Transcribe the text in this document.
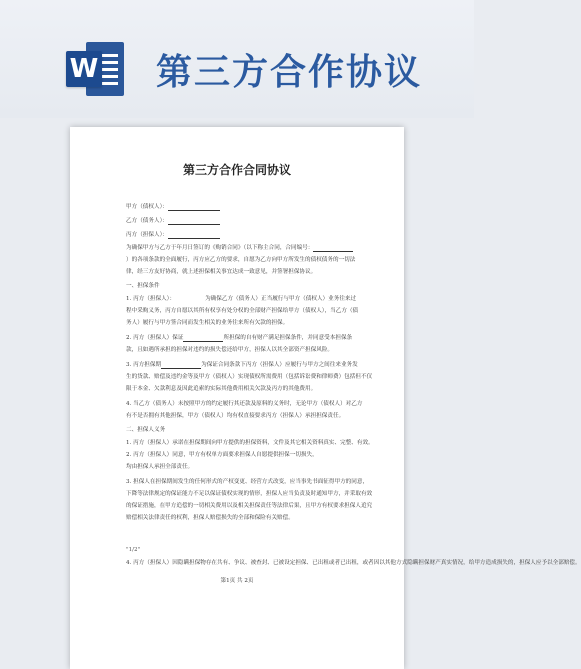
W 第三方合作协议
第三方合作合同协议
甲方（债权人）：
乙方（债务人）：
丙方（担保人）：
为确保甲方与乙方于年月日签订的《购销合同》（以下称主合同，合同编号：
）的各项条款的全面履行，丙方应乙方的要求，自愿为乙方向甲方所发生的债权债务的一切法
律，经三方友好协商，就上述担保相关事宜达成一致意见，并签署担保协议。
一、担保条件
1. 丙方（担保人）：	为确保乙方（债务人）正当履行与甲方（债权人）业务往来过
程中采购义务，丙方自愿以其所有权享有处分权的全部财产担保给甲方（债权人），当乙方（债
务人）履行与甲方签合同而发生相关的业务往来所有欠款的担保。
2. 丙方（担保人）保证	所担保的自有财产满足担保条件，并同意受本担保条
款，且如遇所承担的担保对违约的损失偿还给甲方，担保人以其全部资产担保风险。
3. 丙方担保期	为保证合同条款下丙方（担保人）应履行与甲方之间往来业务发
生的货款、赔偿及违约金等及甲方（债权人）实现债权所需费用（包括诉讼费和律师费）包括但不仅
限于本金、欠款利息及因此追索的实际其他费用相关欠款及丙方的其他费用。
4. 当乙方（债务人）未按照甲方的约定履行其还款及原料的义务时，无论甲方（债权人）对乙方
有不是否拥有其他担保，甲方（债权人）均有权直接要求丙方（担保人）承担担保责任。
二、担保人义务
1. 丙方（担保人）承诺在担保期间向甲方提供的担保资料，文件及其它相关资料真实、完整、有效。
2. 丙方（担保人）同意，甲方有权单方面要求担保人自愿提供担保一切损失，
均由担保人承担全部责任。
3. 担保人在担保期间发生的任何形式的产权变更、经营方式改变，应当事先书面征得甲方的同意，
下降等法律规定的保证能力不足以保证债权实现的情形，担保人应当负责及时通知甲方，并采取有效
的保证措施，在甲方追偿的一切相关费用以及相关担保责任等法律后果，且甲方有权要求担保人追究
赔偿相关法律责任的权利，担保人赔偿损失的全部和保险有关赔偿。
"1/2"
4. 丙方（担保人）因隐瞒担保物存在共有、争议、被查封、已被设定担保、已出租或者已出租，或者因以其他方式隐瞒担保财产真实情况，给甲方造成损失的，担保人应予以全部赔偿。
第1页 共 2页
